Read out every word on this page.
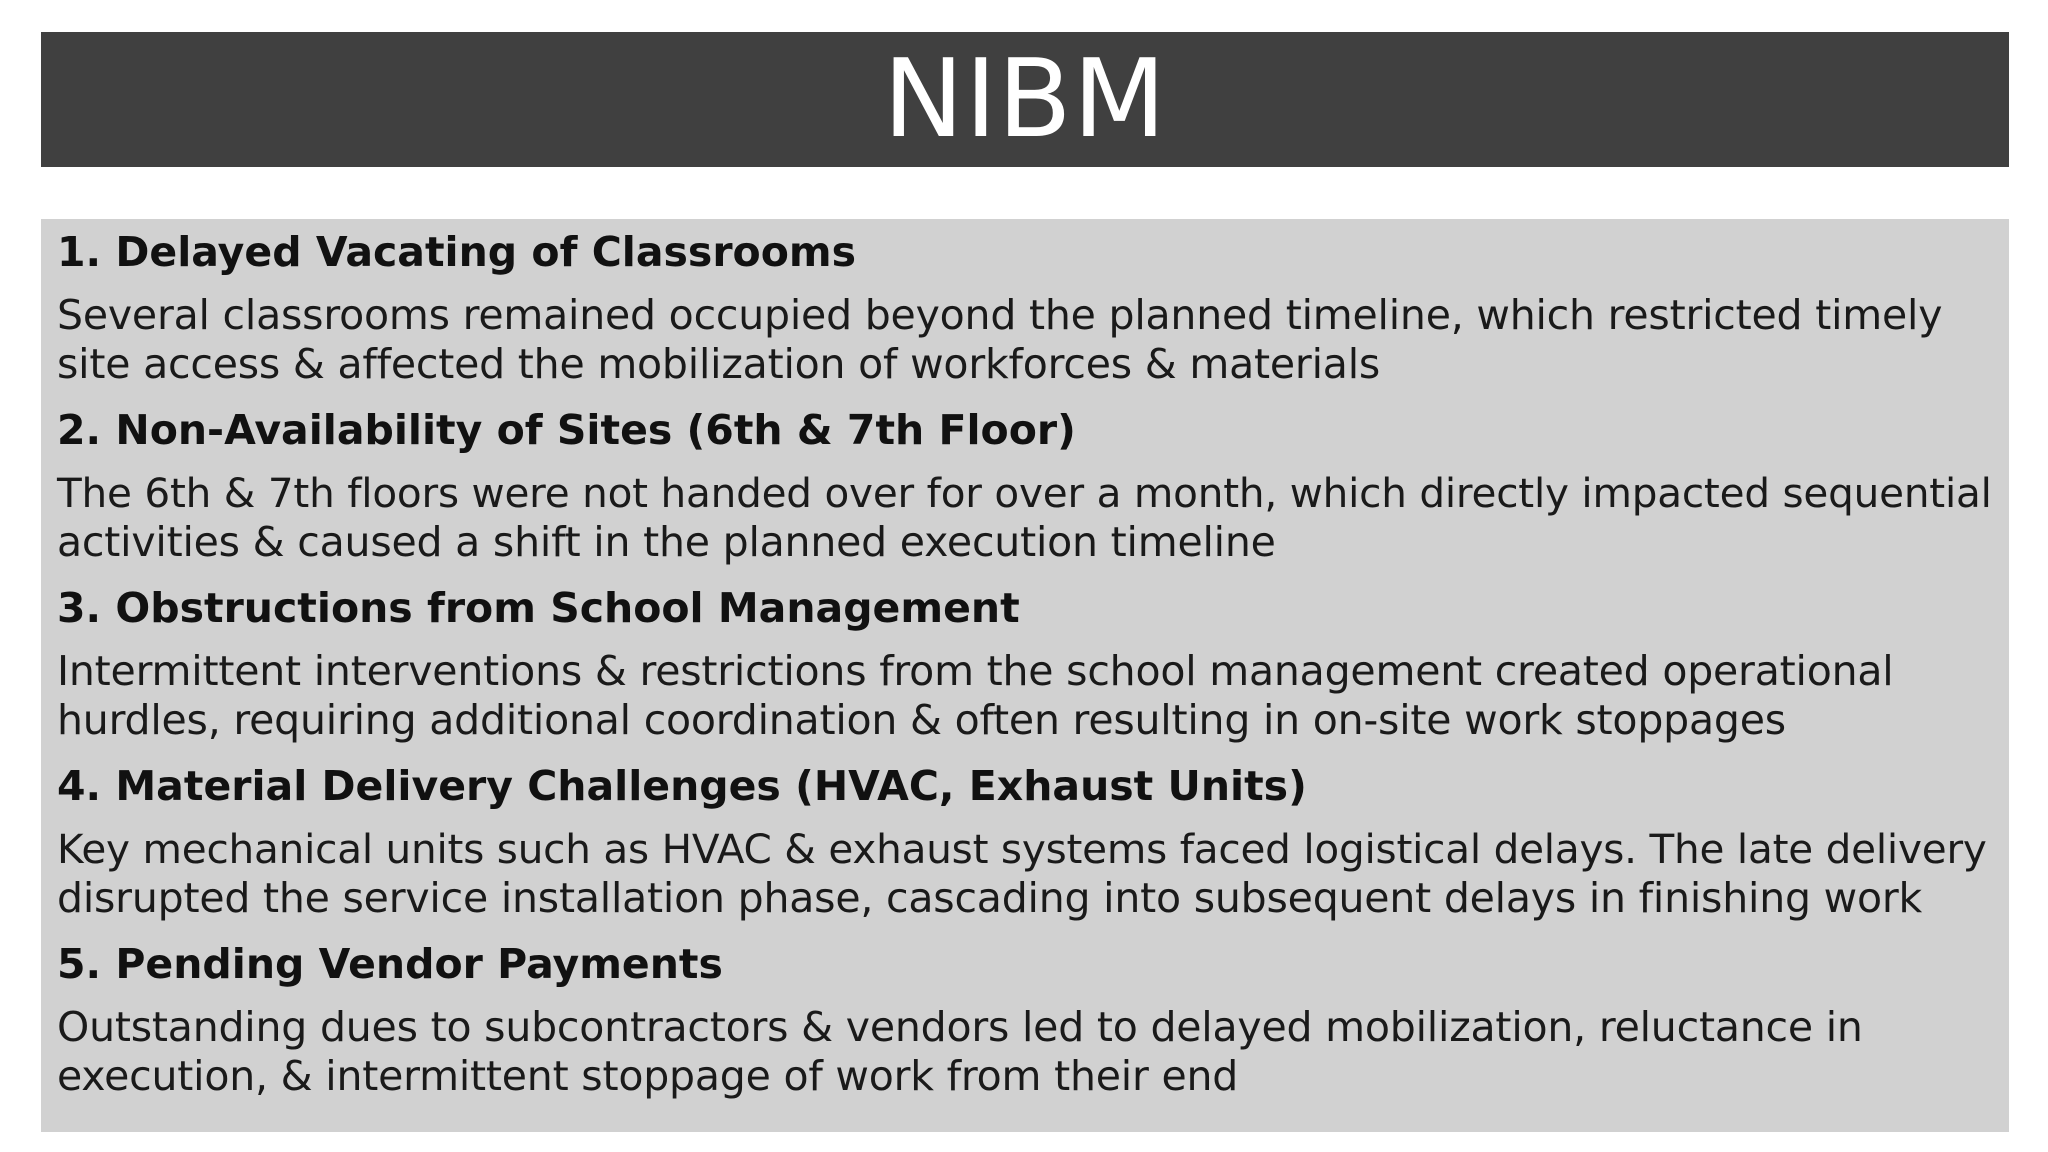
NIBM
1. Delayed Vacating of Classrooms
Several classrooms remained occupied beyond the planned timeline, which restricted timely
site access & affected the mobilization of workforces & materials
2. Non-Availability of Sites (6th & 7th Floor)
The 6th & 7th floors were not handed over for over a month, which directly impacted sequential
activities & caused a shift in the planned execution timeline
3. Obstructions from School Management
Intermittent interventions & restrictions from the school management created operational
hurdles, requiring additional coordination & often resulting in on-site work stoppages
4. Material Delivery Challenges (HVAC, Exhaust Units)
Key mechanical units such as HVAC & exhaust systems faced logistical delays. The late delivery
disrupted the service installation phase, cascading into subsequent delays in finishing work
5. Pending Vendor Payments
Outstanding dues to subcontractors & vendors led to delayed mobilization, reluctance in
execution, & intermittent stoppage of work from their end
